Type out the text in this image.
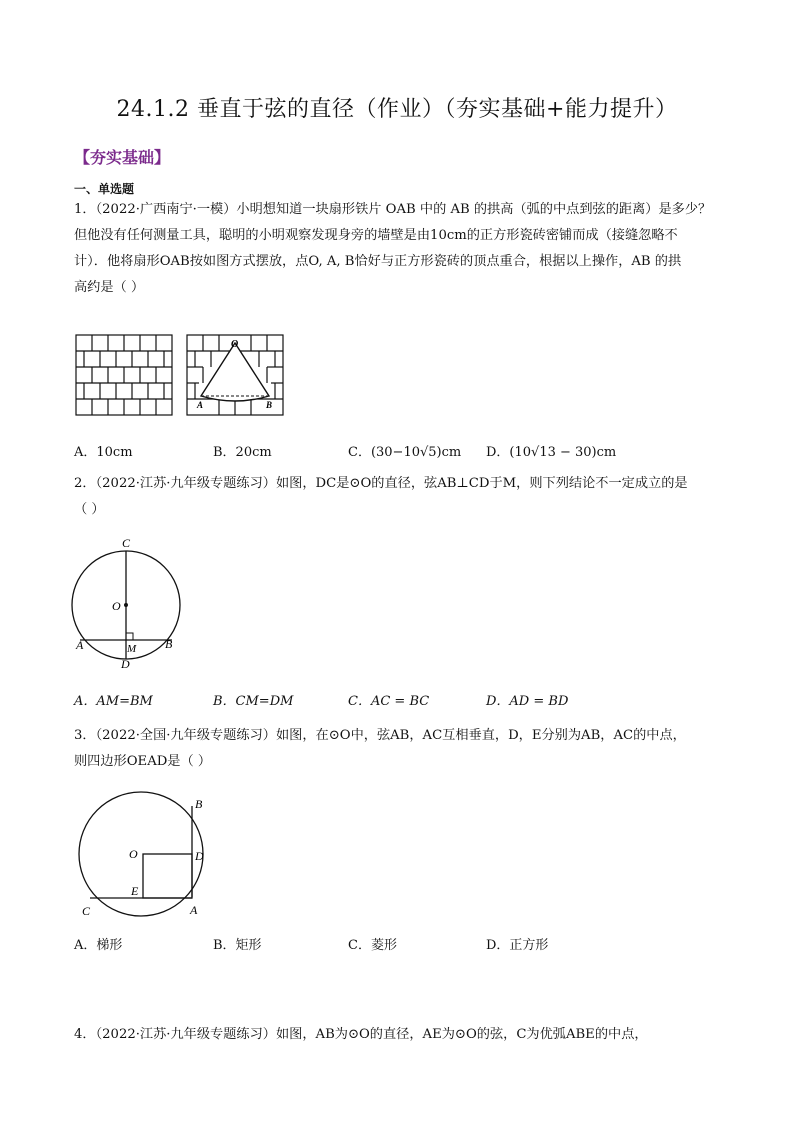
24.1.2 垂直于弦的直径（作业）（夯实基础+能力提升）
【夯实基础】
一、单选题
1．（2022·广西南宁·一模）小明想知道一块扇形铁片 OAB 中的 AB 的拱高（弧的中点到弦的距离）是多少？
但他没有任何测量工具，聪明的小明观察发现身旁的墙壁是由10cm的正方形瓷砖密铺而成（接缝忽略不
计）．他将扇形OAB按如图方式摆放，点O, A, B恰好与正方形瓷砖的顶点重合，根据以上操作，AB 的拱
高约是（ ）
O
A	B
A．10cm	B．20cm	C．(30−10√5)cm D．(10√13 − 30)cm
2．（2022·江苏·九年级专题练习）如图，DC是⊙O的直径，弦AB⊥CD于M，则下列结论不一定成立的是
（ ）
C
O
A	B
M
D
A．AM=BM	B．CM=DM	C．AC = BC	D．AD = BD
3．（2022·全国·九年级专题练习）如图，在⊙O中，弦AB，AC互相垂直，D，E分别为AB，AC的中点，
则四边形OEAD是（ ）
O
B
D
E
C	A
A．梯形	B．矩形	C．菱形	D．正方形
4．（2022·江苏·九年级专题练习）如图，AB为⊙O的直径，AE为⊙O的弦，C为优弧ABE的中点，
